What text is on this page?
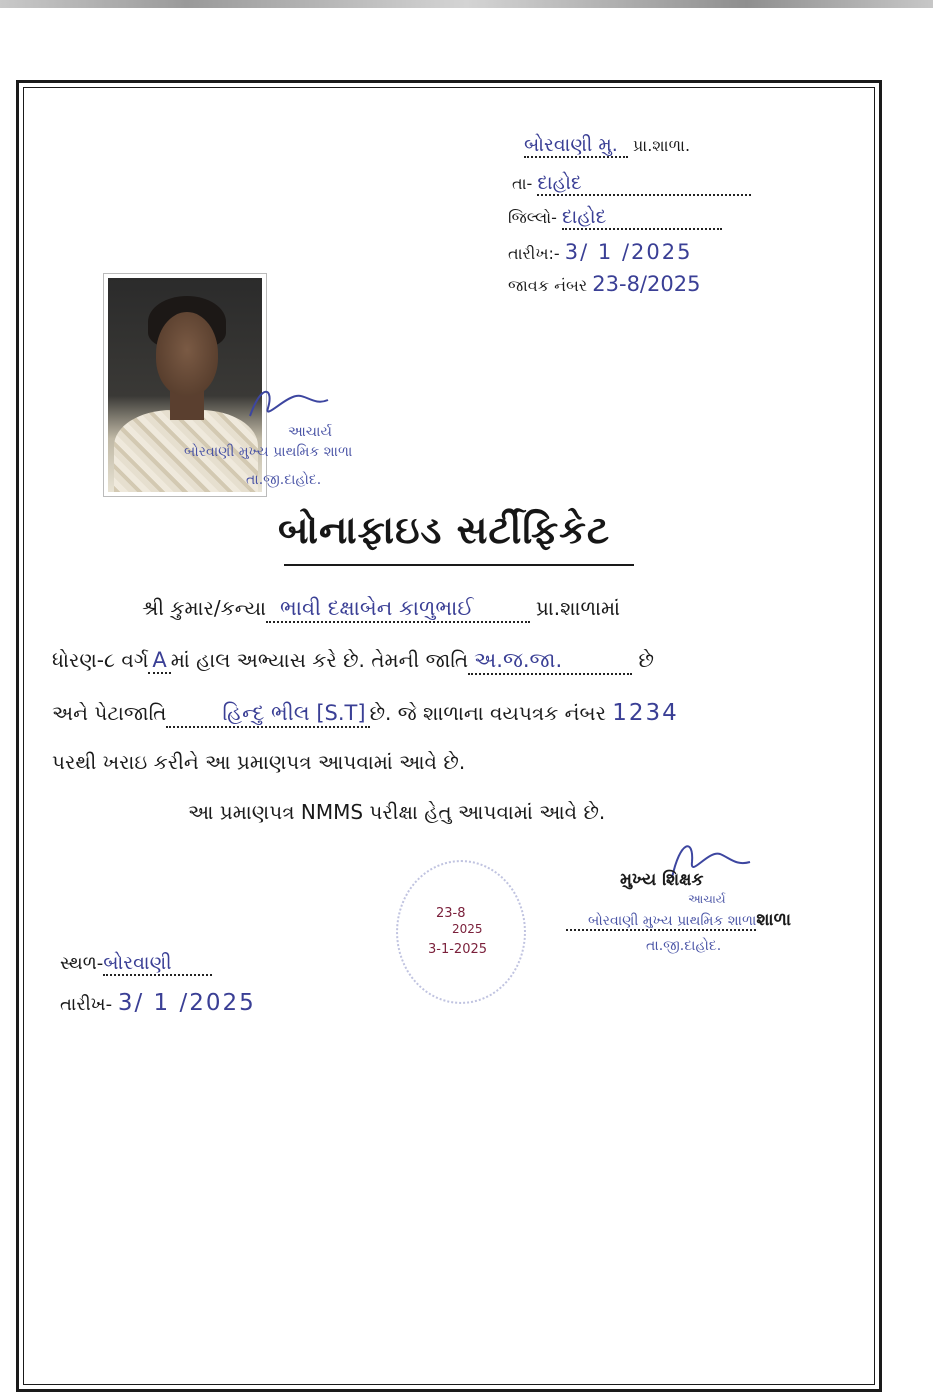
બોરવાણી મુ. પ્રા.શાળા.
તા- દાહોદ
જિલ્લો- દાહોદ
તારીખ:- 3/ 1 /2025
જાવક નંબર 23-8/2025
આચાર્ય
બોરવાણી મુખ્ય પ્રાથમિક શાળા
તા.જી.દાહોદ.
બોનાફાઇડ સર્ટીફિકેટ
શ્રી કુમાર/કન્યા ભાવી દક્ષાબેન કાળુભાઈ	પ્રા.શાળામાં
ધોરણ-૮ વર્ગ A માં હાલ અભ્યાસ કરે છે. તેમની જાતિ અ.જ.જા.	છે
અને પેટાજાતિ	હિન્દુ ભીલ [S.T] છે. જે શાળાના વયપત્રક નંબર 1234
પરથી ખરાઇ કરીને આ પ્રમાણપત્ર આપવામાં આવે છે.
આ પ્રમાણપત્ર NMMS પરીક્ષા હેતુ આપવામાં આવે છે.
23-8
2025
3-1-2025
મુખ્ય શિક્ષક
આચાર્ય
બોરવાણી મુખ્ય પ્રાથમિક શાળાશાળા
તા.જી.દાહોદ.
સ્થળ-બોરવાણી
તારીખ- 3/ 1 /2025
